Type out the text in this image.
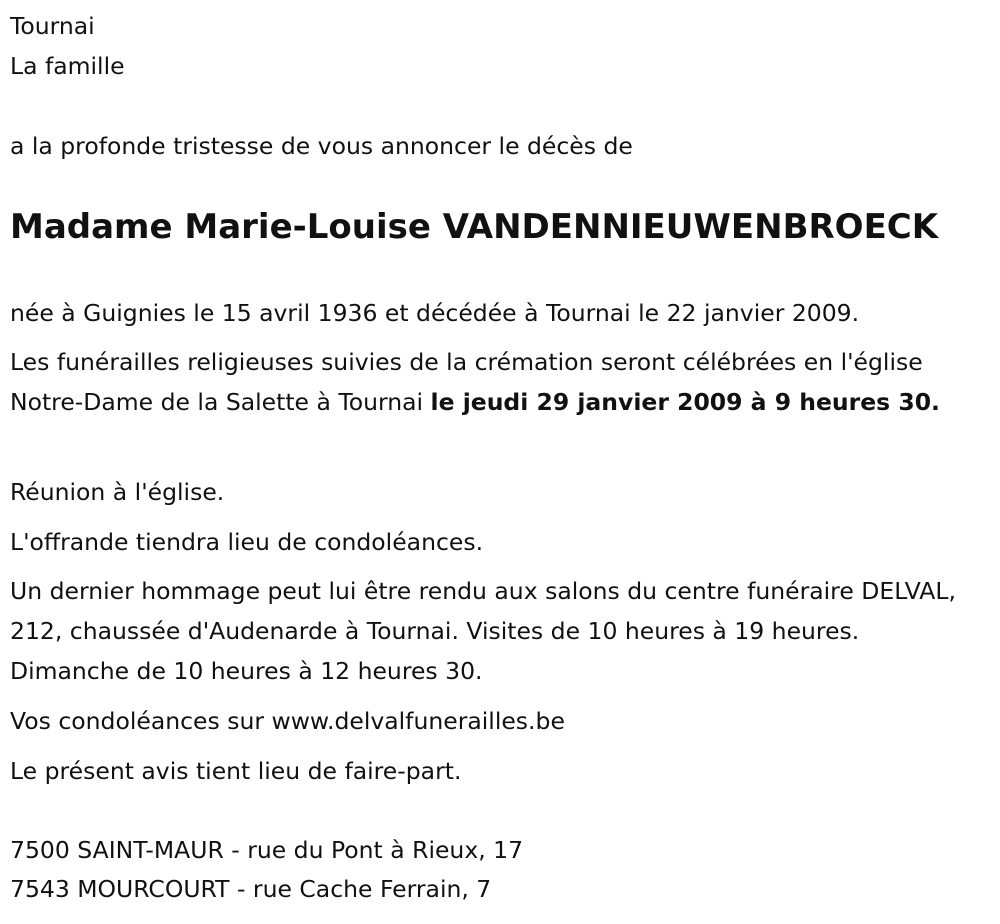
Tournai

La famille

a la profonde tristesse de vous annoncer le décès de

Madame Marie-Louise VANDENNIEUWENBROECK

née à Guignies le 15 avril 1936 et décédée à Tournai le 22 janvier 2009.

Les funérailles religieuses suivies de la crémation seront célébrées en l'église Notre-Dame de la Salette à Tournai le jeudi 29 janvier 2009 à 9 heures 30.

Réunion à l'église.

L'offrande tiendra lieu de condoléances.

Un dernier hommage peut lui être rendu aux salons du centre funéraire DELVAL, 212, chaussée d'Audenarde à Tournai. Visites de 10 heures à 19 heures. Dimanche de 10 heures à 12 heures 30.

Vos condoléances sur www.delvalfunerailles.be

Le présent avis tient lieu de faire-part.

7500 SAINT-MAUR - rue du Pont à Rieux, 17

7543 MOURCOURT - rue Cache Ferrain, 7
